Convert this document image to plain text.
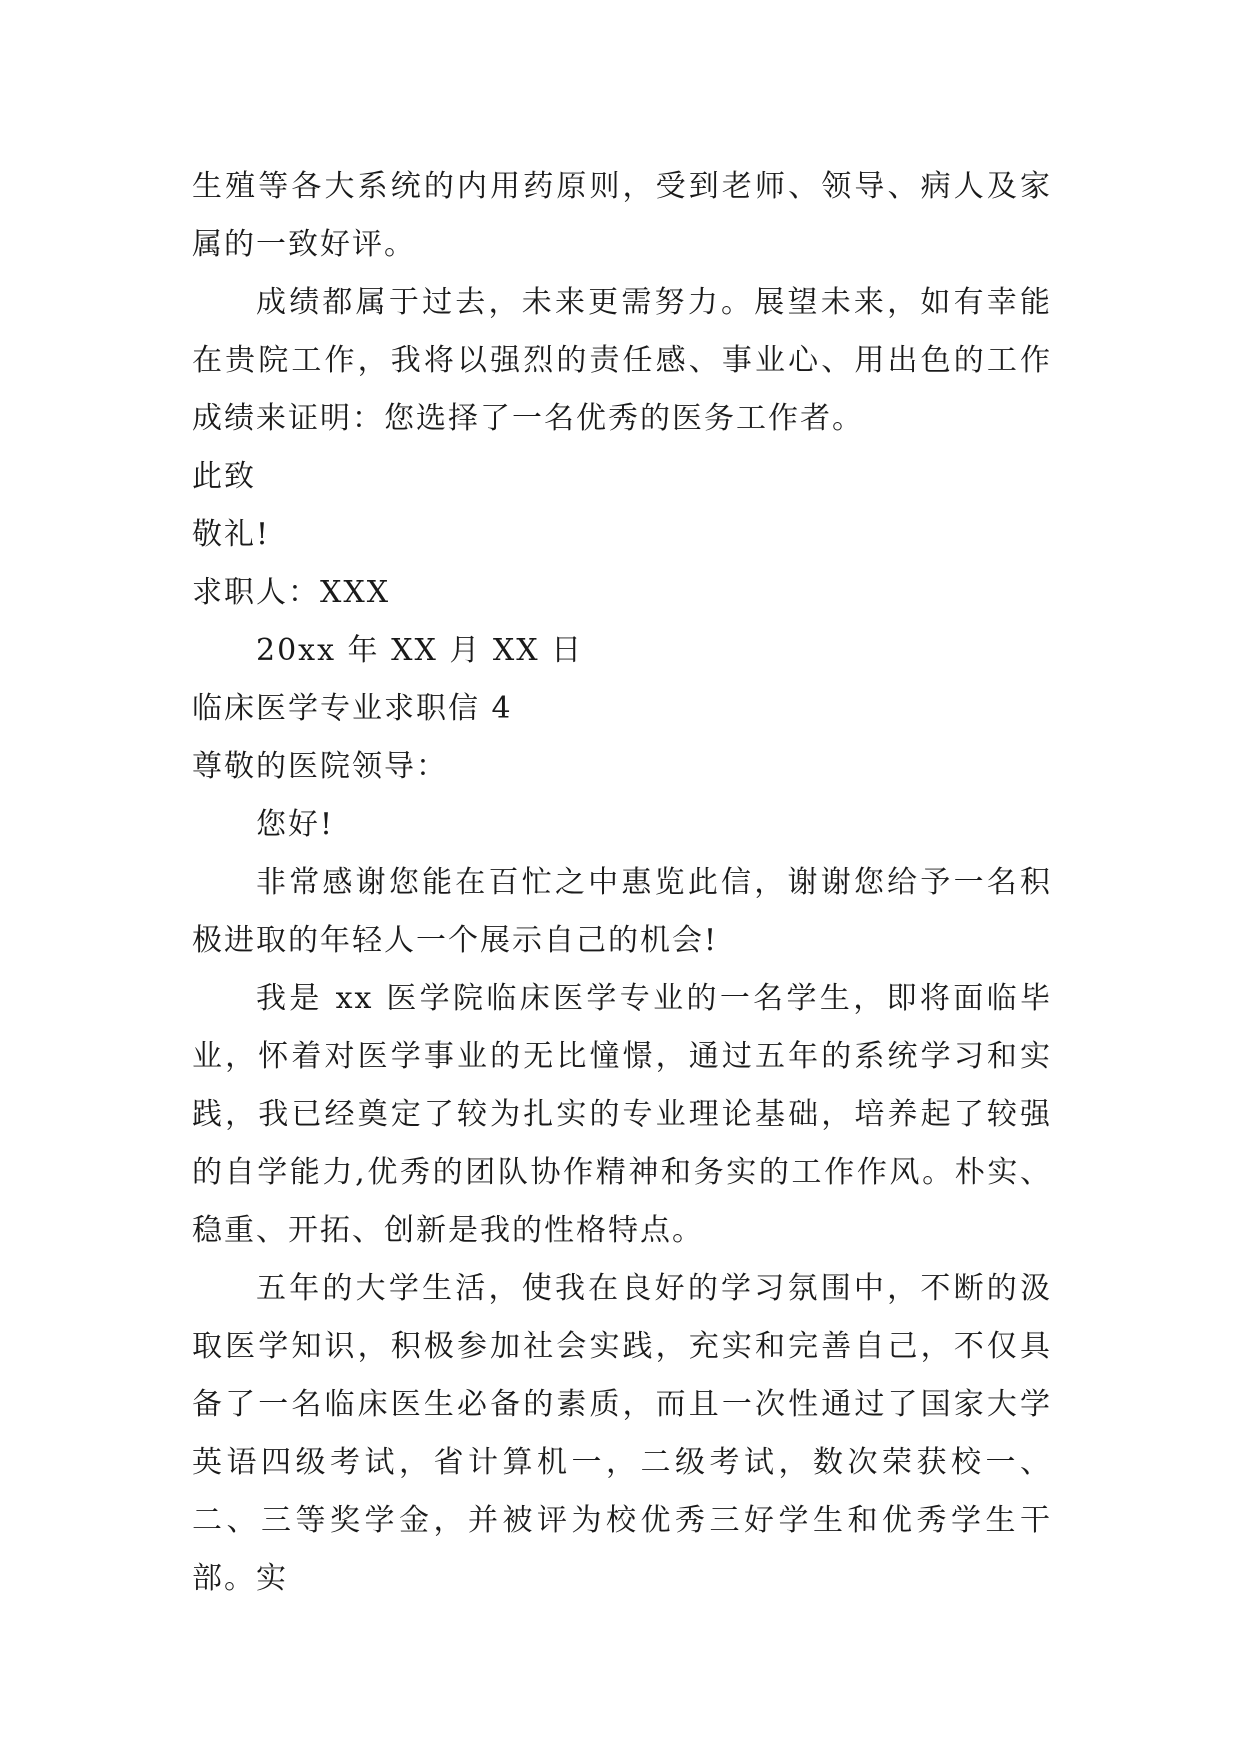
生殖等各大系统的内用药原则，受到老师、领导、病人及家属的一致好评。

成绩都属于过去，未来更需努力。展望未来，如有幸能在贵院工作，我将以强烈的责任感、事业心、用出色的工作成绩来证明：您选择了一名优秀的医务工作者。

此致
敬礼!
求职人：XXX
20xx 年 XX 月 XX 日
临床医学专业求职信 4
尊敬的医院领导：
您好!

非常感谢您能在百忙之中惠览此信，谢谢您给予一名积极进取的年轻人一个展示自己的机会!

我是 xx 医学院临床医学专业的一名学生，即将面临毕业，怀着对医学事业的无比憧憬，通过五年的系统学习和实践，我已经奠定了较为扎实的专业理论基础，培养起了较强的自学能力,优秀的团队协作精神和务实的工作作风。朴实、稳重、开拓、创新是我的性格特点。

五年的大学生活，使我在良好的学习氛围中，不断的汲取医学知识，积极参加社会实践，充实和完善自己，不仅具备了一名临床医生必备的素质，而且一次性通过了国家大学英语四级考试，省计算机一，二级考试，数次荣获校一、二、三等奖学金，并被评为校优秀三好学生和优秀学生干部。实
